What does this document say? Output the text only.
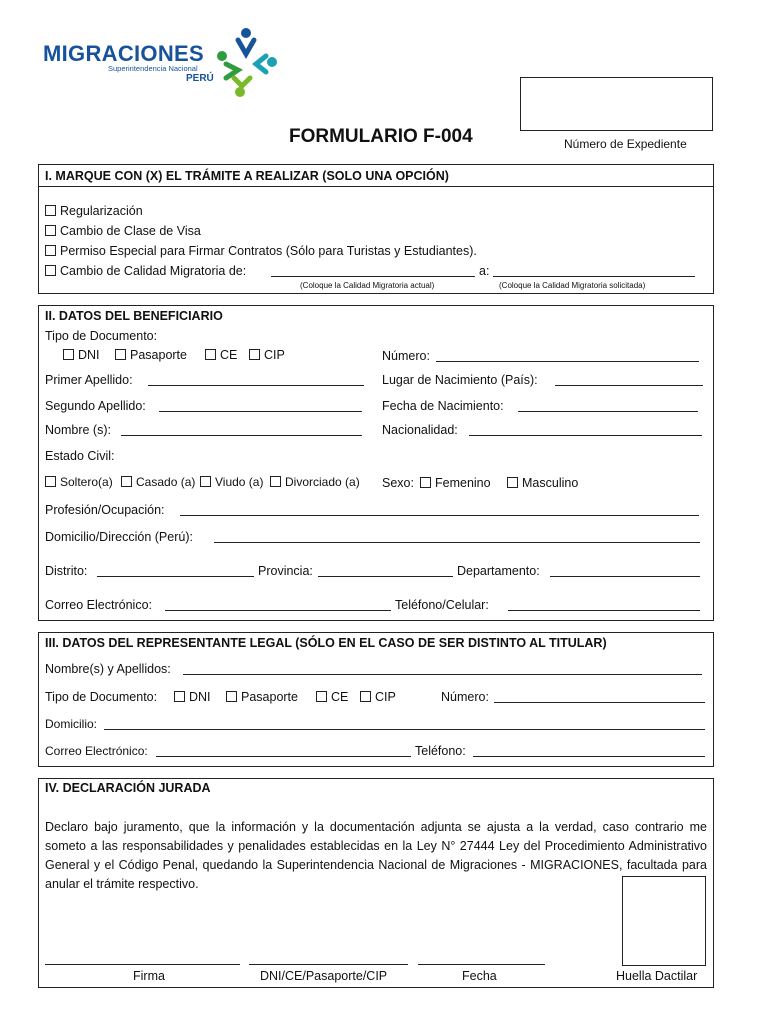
MIGRACIONES
Superintendencia Nacional
PERÚ
FORMULARIO F-004	Número de Expediente
I. MARQUE CON (X) EL TRÁMITE A REALIZAR (SOLO UNA OPCIÓN)
Regularización
Cambio de Clase de Visa
Permiso Especial para Firmar Contratos (Sólo para Turistas y Estudiantes).
Cambio de Calidad Migratoria de:	a:
(Coloque la Calidad Migratoria actual)	(Coloque la Calidad Migratoria solicitada)
II. DATOS DEL BENEFICIARIO
Tipo de Documento:
DNI	Pasaporte	CE	CIP	Número:
Primer Apellido:	Lugar de Nacimiento (País):
Segundo Apellido:	Fecha de Nacimiento:
Nombre (s):	Nacionalidad:
Estado Civil:
Soltero(a)	Casado (a)	Viudo (a)	Divorciado (a) Sexo:	Femenino	Masculino
Profesión/Ocupación:
Domicilio/Dirección (Perú):
Distrito:	Provincia:	Departamento:
Correo Electrónico:	Teléfono/Celular:
III. DATOS DEL REPRESENTANTE LEGAL (SÓLO EN EL CASO DE SER DISTINTO AL TITULAR)
Nombre(s) y Apellidos:
Tipo de Documento:	DNI	Pasaporte	CE	CIP	Número:
Domicilio:
Correo Electrónico:	Teléfono:
IV. DECLARACIÓN JURADA
Declaro bajo juramento, que la información y la documentación adjunta se ajusta a la verdad, caso contrario me someto a las responsabilidades y penalidades establecidas en la Ley N° 27444 Ley del Procedimiento Administrativo General y el Código Penal, quedando la Superintendencia Nacional de Migraciones - MIGRACIONES, facultada para anular el trámite respectivo.
Firma	DNI/CE/Pasaporte/CIP	Fecha	Huella Dactilar
